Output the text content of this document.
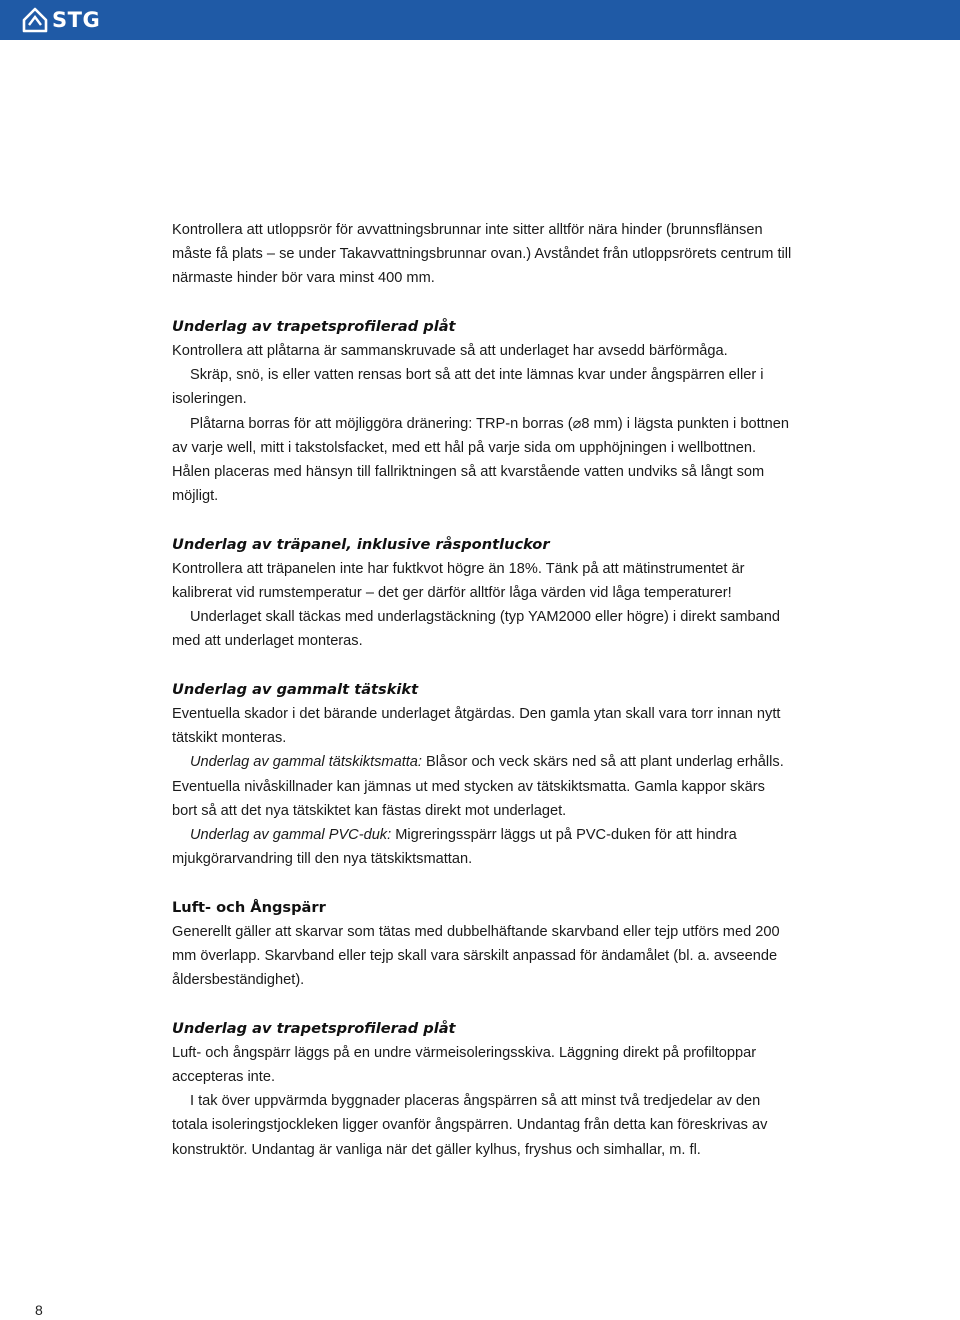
STG

Kontrollera att utloppsrör för avvattningsbrunnar inte sitter alltför nära hinder (brunnsflänsen måste få plats – se under Takavvattningsbrunnar ovan.) Avståndet från utloppsrörets centrum till närmaste hinder bör vara minst 400 mm.

Underlag av trapetsprofilerad plåt

Kontrollera att plåtarna är sammanskruvade så att underlaget har avsedd bärförmåga.

Skräp, snö, is eller vatten rensas bort så att det inte lämnas kvar under ångspärren eller i isoleringen.

Plåtarna borras för att möjliggöra dränering: TRP-n borras (⌀8 mm) i lägsta punkten i bottnen av varje well, mitt i takstolsfacket, med ett hål på varje sida om upphöjningen i wellbottnen. Hålen placeras med hänsyn till fallriktningen så att kvarstående vatten undviks så långt som möjligt.

Underlag av träpanel, inklusive råspontluckor

Kontrollera att träpanelen inte har fuktkvot högre än 18%. Tänk på att mätinstrumentet är kalibrerat vid rumstemperatur – det ger därför alltför låga värden vid låga temperaturer!

Underlaget skall täckas med underlagstäckning (typ YAM2000 eller högre) i direkt samband med att underlaget monteras.

Underlag av gammalt tätskikt

Eventuella skador i det bärande underlaget åtgärdas. Den gamla ytan skall vara torr innan nytt tätskikt monteras.

Underlag av gammal tätskiktsmatta: Blåsor och veck skärs ned så att plant underlag erhålls. Eventuella nivåskillnader kan jämnas ut med stycken av tätskiktsmatta. Gamla kappor skärs bort så att det nya tätskiktet kan fästas direkt mot underlaget.

Underlag av gammal PVC-duk: Migreringsspärr läggs ut på PVC-duken för att hindra mjukgörarvandring till den nya tätskiktsmattan.

Luft- och Ångspärr

Generellt gäller att skarvar som tätas med dubbelhäftande skarvband eller tejp utförs med 200 mm överlapp. Skarvband eller tejp skall vara särskilt anpassad för ändamålet (bl. a. avseende åldersbeständighet).

Underlag av trapetsprofilerad plåt

Luft- och ångspärr läggs på en undre värmeisoleringsskiva. Läggning direkt på profiltoppar accepteras inte.

I tak över uppvärmda byggnader placeras ångspärren så att minst två tredjedelar av den totala isoleringstjockleken ligger ovanför ångspärren. Undantag från detta kan föreskrivas av konstruktör. Undantag är vanliga när det gäller kylhus, fryshus och simhallar, m. fl.

8
